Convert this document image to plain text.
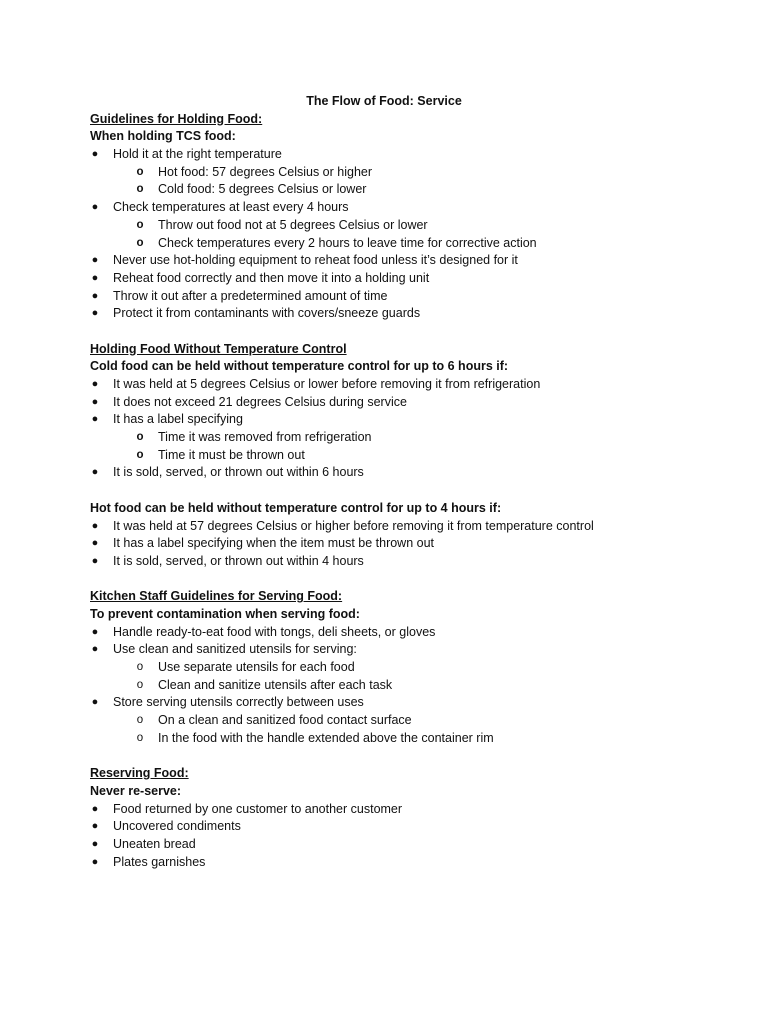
The Flow of Food: Service
Guidelines for Holding Food:
When holding TCS food:
● Hold it at the right temperature
o Hot food: 57 degrees Celsius or higher
o Cold food: 5 degrees Celsius or lower
● Check temperatures at least every 4 hours
o Throw out food not at 5 degrees Celsius or lower
o Check temperatures every 2 hours to leave time for corrective action
● Never use hot-holding equipment to reheat food unless it’s designed for it
● Reheat food correctly and then move it into a holding unit
● Throw it out after a predetermined amount of time
● Protect it from contaminants with covers/sneeze guards
Holding Food Without Temperature Control
Cold food can be held without temperature control for up to 6 hours if:
● It was held at 5 degrees Celsius or lower before removing it from refrigeration
● It does not exceed 21 degrees Celsius during service
● It has a label specifying
o Time it was removed from refrigeration
o Time it must be thrown out
● It is sold, served, or thrown out within 6 hours
Hot food can be held without temperature control for up to 4 hours if:
● It was held at 57 degrees Celsius or higher before removing it from temperature control
● It has a label specifying when the item must be thrown out
● It is sold, served, or thrown out within 4 hours
Kitchen Staff Guidelines for Serving Food:
To prevent contamination when serving food:
● Handle ready-to-eat food with tongs, deli sheets, or gloves
● Use clean and sanitized utensils for serving:
o Use separate utensils for each food
o Clean and sanitize utensils after each task
● Store serving utensils correctly between uses
o On a clean and sanitized food contact surface
o In the food with the handle extended above the container rim
Reserving Food:
Never re-serve:
● Food returned by one customer to another customer
● Uncovered condiments
● Uneaten bread
● Plates garnishes
